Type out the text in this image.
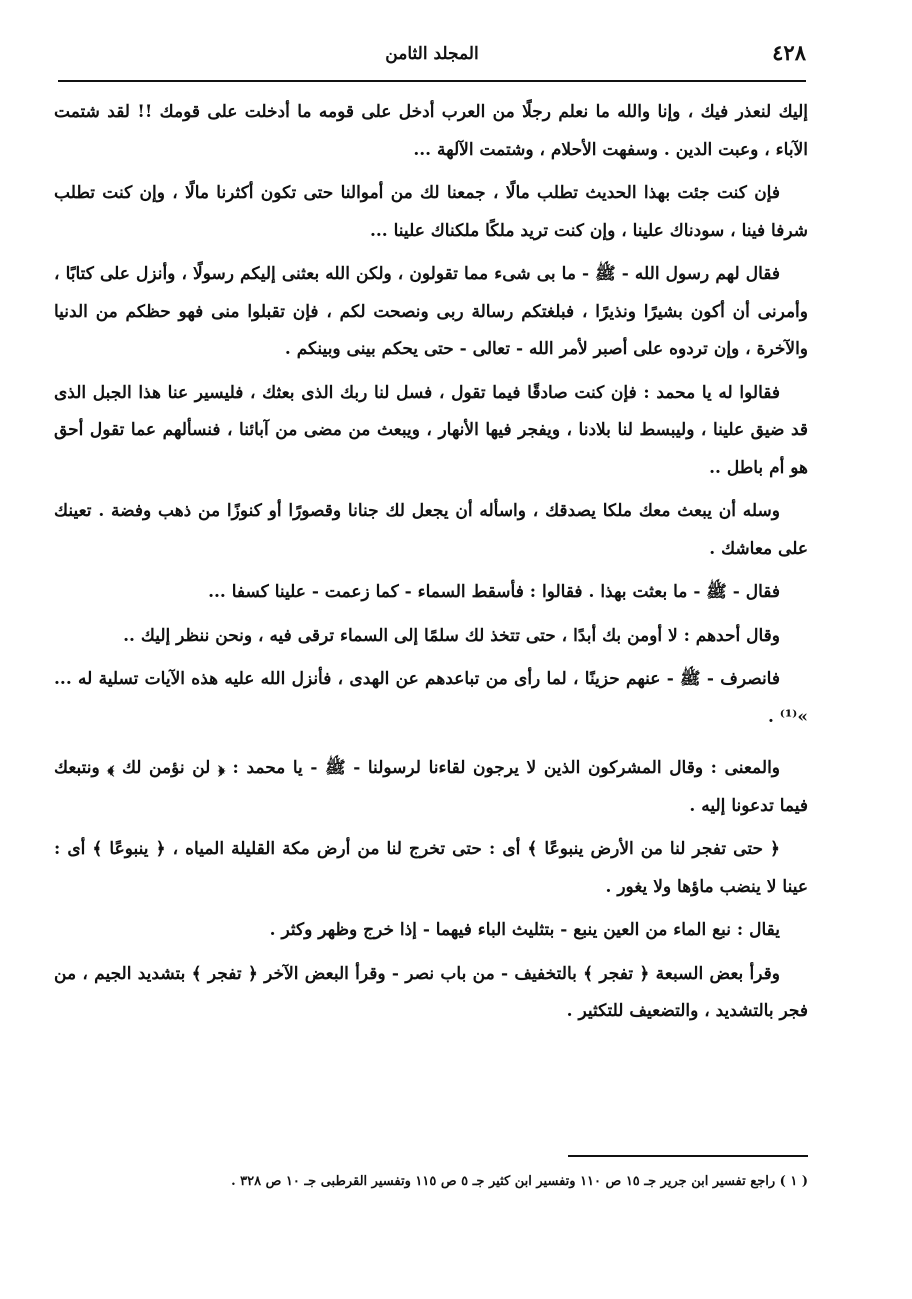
٤٢٨
المجلد الثامن

إليك لنعذر فيك ، وإنا والله ما نعلم رجلًا من العرب أدخل على قومه ما أدخلت على قومك !! لقد شتمت الآباء ، وعبت الدين . وسفهت الأحلام ، وشتمت الآلهة ...

فإن كنت جئت بهذا الحديث تطلب مالًا ، جمعنا لك من أموالنا حتى تكون أكثرنا مالًا ، وإن كنت تطلب شرفا فينا ، سودناك علينا ، وإن كنت تريد ملكًا ملكناك علينا ...

فقال لهم رسول الله - ﷺ - ما بى شىء مما تقولون ، ولكن الله بعثنى إليكم رسولًا ، وأنزل على كتابًا ، وأمرنى أن أكون بشيرًا ونذيرًا ، فبلغتكم رسالة ربى ونصحت لكم ، فإن تقبلوا منى فهو حظكم من الدنيا والآخرة ، وإن تردوه على أصبر لأمر الله - تعالى - حتى يحكم بينى وبينكم .

فقالوا له يا محمد : فإن كنت صادقًا فيما تقول ، فسل لنا ربك الذى بعثك ، فليسير عنا هذا الجبل الذى قد ضيق علينا ، وليبسط لنا بلادنا ، ويفجر فيها الأنهار ، ويبعث من مضى من آبائنا ، فنسألهم عما تقول أحق هو أم باطل ..

وسله أن يبعث معك ملكا يصدقك ، واسأله أن يجعل لك جنانا وقصورًا أو كنوزًا من ذهب وفضة . تعينك على معاشك .

فقال - ﷺ - ما بعثت بهذا . فقالوا : فأسقط السماء - كما زعمت - علينا كسفا ...

وقال أحدهم : لا أومن بك أبدًا ، حتى تتخذ لك سلمًا إلى السماء ترقى فيه ، ونحن ننظر إليك ..

فانصرف - ﷺ - عنهم حزينًا ، لما رأى من تباعدهم عن الهدى ، فأنزل الله عليه هذه الآيات تسلية له ... »⁽¹⁾ .

والمعنى : وقال المشركون الذين لا يرجون لقاءنا لرسولنا - ﷺ - يا محمد : ﴿ لن نؤمن لك ﴾ ونتبعك فيما تدعونا إليه .

﴿ حتى تفجر لنا من الأرض ينبوعًا ﴾ أى : حتى تخرج لنا من أرض مكة القليلة المياه ، ﴿ ينبوعًا ﴾ أى : عينا لا ينضب ماؤها ولا يغور .

يقال : نبع الماء من العين ينبع - بتثليث الباء فيهما - إذا خرج وظهر وكثر .

وقرأ بعض السبعة ﴿ تفجر ﴾ بالتخفيف - من باب نصر - وقرأ البعض الآخر ﴿ تفجر ﴾ بتشديد الجيم ، من فجر بالتشديد ، والتضعيف للتكثير .

( ١ ) راجع تفسير ابن جرير جـ ١٥ ص ١١٠ وتفسير ابن كثير جـ ٥ ص ١١٥ وتفسير القرطبى جـ ١٠ ص ٣٢٨ .
